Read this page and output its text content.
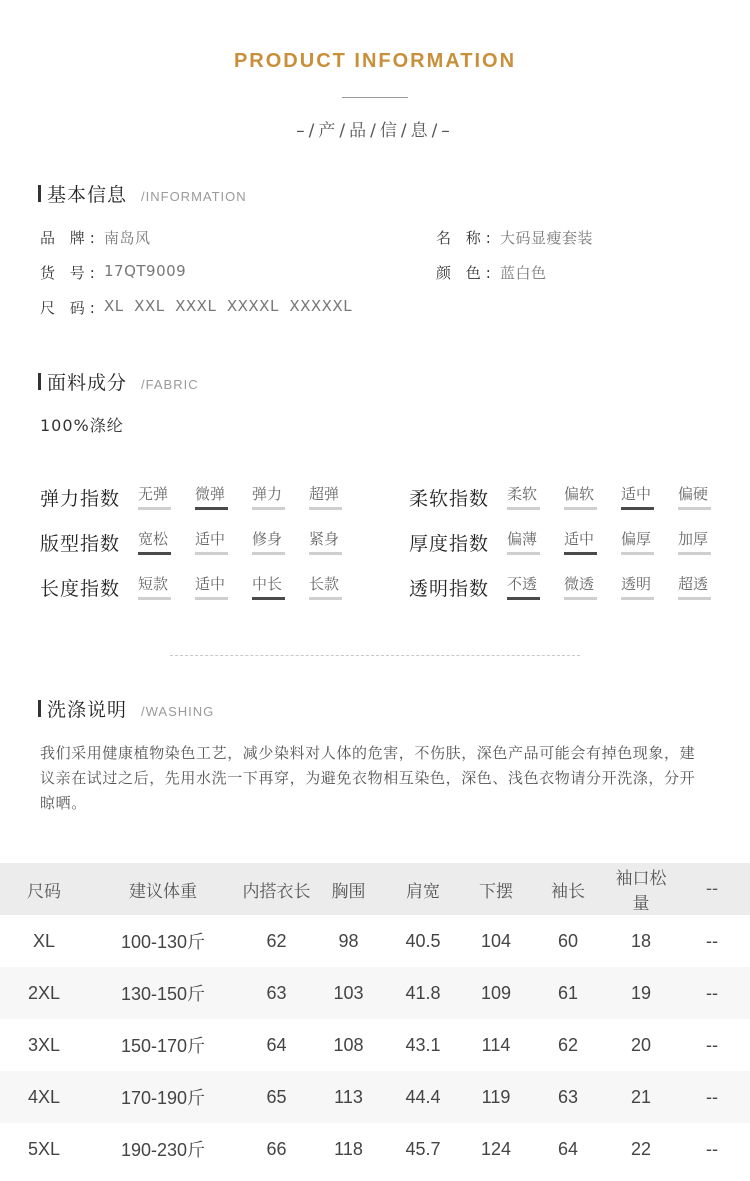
PRODUCT INFORMATION
–/产/品/信/息/–
基本信息 /INFORMATION
品 牌: 南岛风	名 称: 大码显瘦套装
货 号: 17QT9009	颜 色: 蓝白色
尺 码: XL  XXL  XXXL  XXXXL  XXXXXL
面料成分 /FABRIC
100%涤纶
弹力指数	无弹	微弹	弹力	超弹	柔软指数	柔软	偏软	适中	偏硬
版型指数	宽松	适中	修身	紧身	厚度指数	偏薄	适中	偏厚	加厚
长度指数	短款	适中	中长	长款	透明指数	不透	微透	透明	超透
洗涤说明 /WASHING
我们采用健康植物染色工艺，减少染料对人体的危害，不伤肤，深色产品可能会有掉色现象，建议亲在试过之后，先用水洗一下再穿，为避免衣物相互染色，深色、浅色衣物请分开洗涤，分开晾晒。
尺码	建议体重	内搭衣长	胸围	肩宽	下摆	袖长	袖口松量	--
XL	100-130斤	62	98	40.5	104	60	18	--
2XL	130-150斤	63	103	41.8	109	61	19	--
3XL	150-170斤	64	108	43.1	114	62	20	--
4XL	170-190斤	65	113	44.4	119	63	21	--
5XL	190-230斤	66	118	45.7	124	64	22	--
